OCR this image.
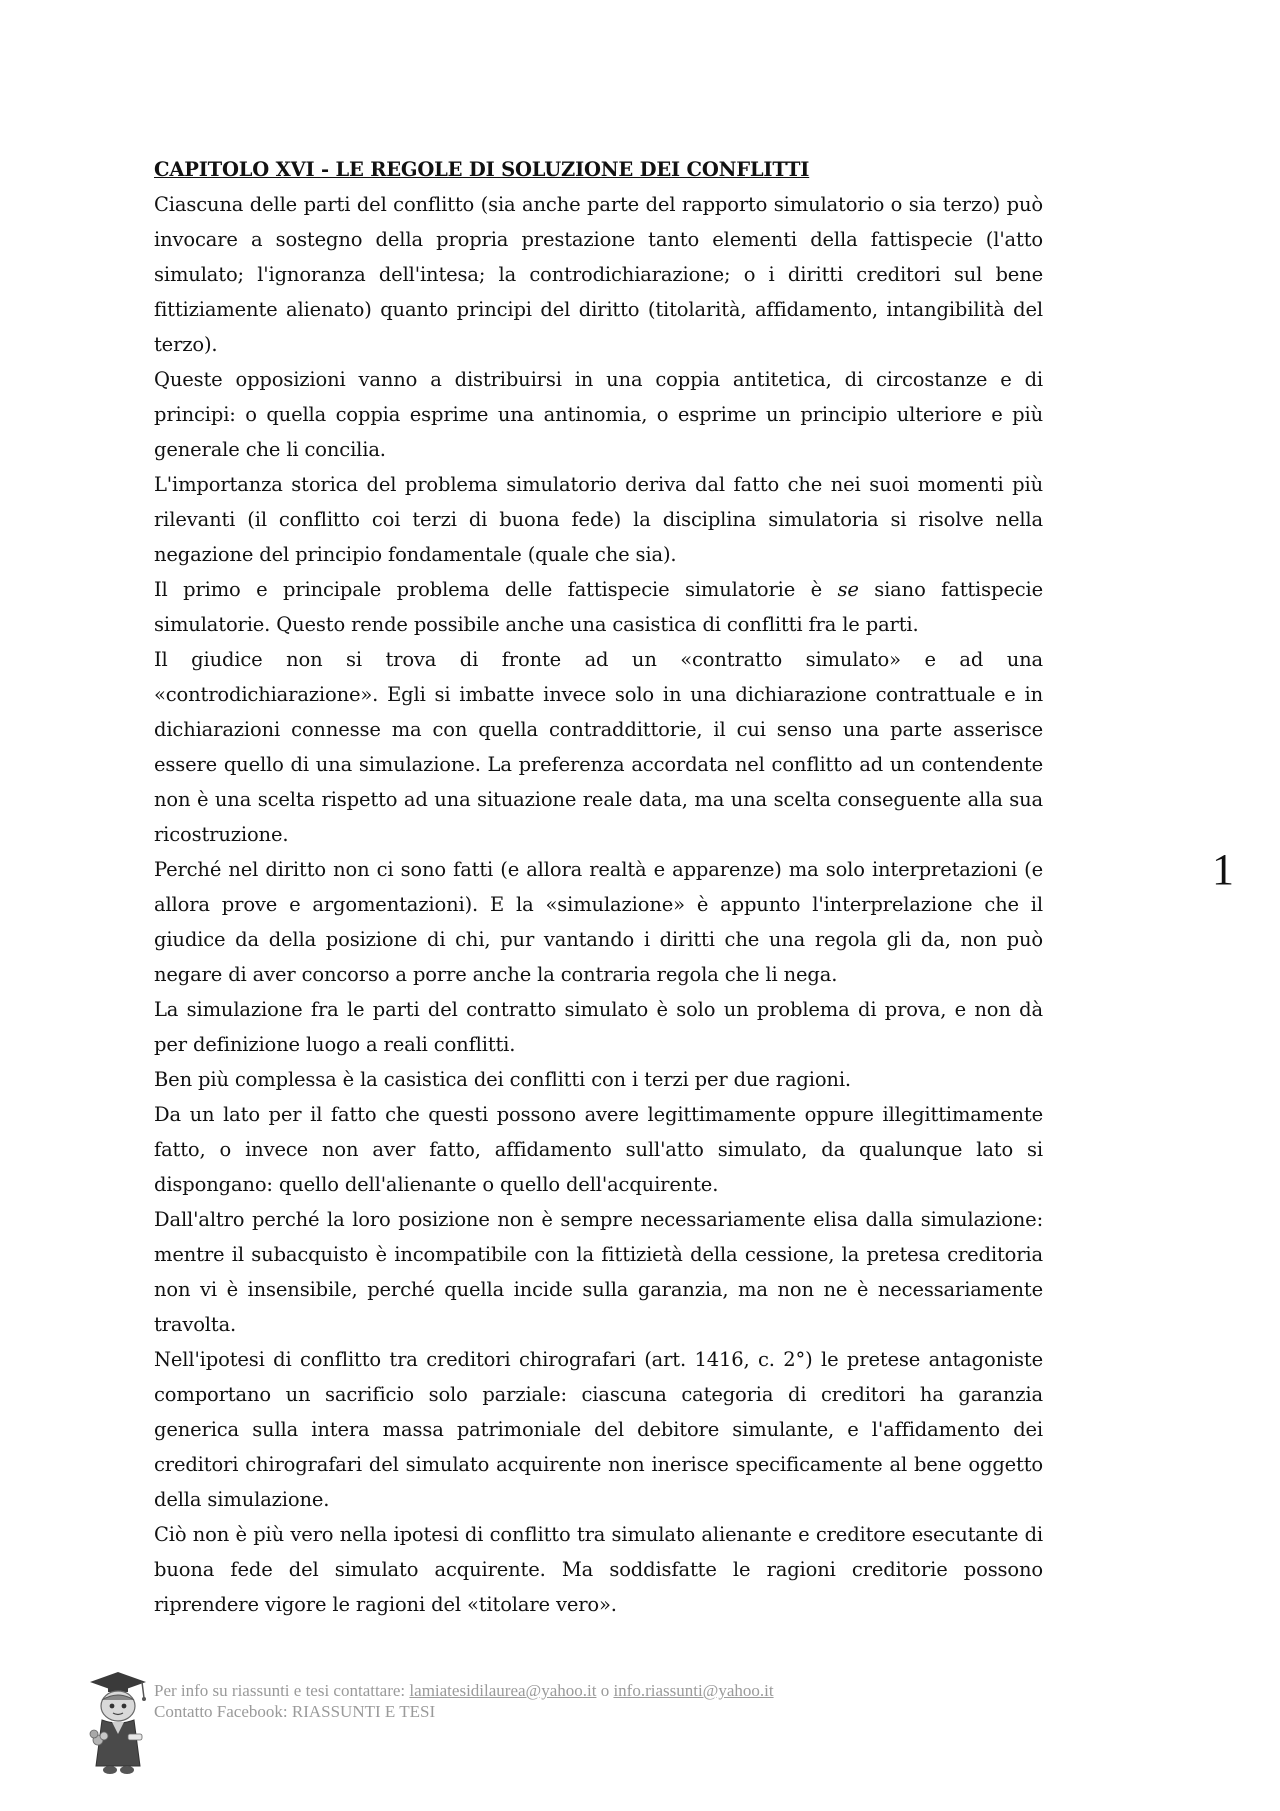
CAPITOLO XVI - LE REGOLE DI SOLUZIONE DEI CONFLITTI

Ciascuna delle parti del conflitto (sia anche parte del rapporto simulatorio o sia terzo) può invocare a sostegno della propria prestazione tanto elementi della fattispecie (l'atto simulato; l'ignoranza dell'intesa; la controdichiarazione; o i diritti creditori sul bene fittiziamente alienato) quanto principi del diritto (titolarità, affidamento, intangibilità del terzo).

Queste opposizioni vanno a distribuirsi in una coppia antitetica, di circostanze e di principi: o quella coppia esprime una antinomia, o esprime un principio ulteriore e più generale che li concilia.

L'importanza storica del problema simulatorio deriva dal fatto che nei suoi momenti più rilevanti (il conflitto coi terzi di buona fede) la disciplina simulatoria si risolve nella negazione del principio fondamentale (quale che sia).

Il primo e principale problema delle fattispecie simulatorie è se siano fattispecie simulatorie. Questo rende possibile anche una casistica di conflitti fra le parti.

Il giudice non si trova di fronte ad un «contratto simulato» e ad una «controdichiarazione». Egli si imbatte invece solo in una dichiarazione contrattuale e in dichiarazioni connesse ma con quella contraddittorie, il cui senso una parte asserisce essere quello di una simulazione. La preferenza accordata nel conflitto ad un contendente non è una scelta rispetto ad una situazione reale data, ma una scelta conseguente alla sua ricostruzione.

Perché nel diritto non ci sono fatti (e allora realtà e apparenze) ma solo interpretazioni (e allora prove e argomentazioni). E la «simulazione» è appunto l'interprelazione che il giudice da della posizione di chi, pur vantando i diritti che una regola gli da, non può negare di aver concorso a porre anche la contraria regola che li nega.

La simulazione fra le parti del contratto simulato è solo un problema di prova, e non dà per definizione luogo a reali conflitti.

Ben più complessa è la casistica dei conflitti con i terzi per due ragioni.

Da un lato per il fatto che questi possono avere legittimamente oppure illegittimamente fatto, o invece non aver fatto, affidamento sull'atto simulato, da qualunque lato si dispongano: quello dell'alienante o quello dell'acquirente.

Dall'altro perché la loro posizione non è sempre necessariamente elisa dalla simulazione: mentre il subacquisto è incompatibile con la fittizietà della cessione, la pretesa creditoria non vi è insensibile, perché quella incide sulla garanzia, ma non ne è necessariamente travolta.

Nell'ipotesi di conflitto tra creditori chirografari (art. 1416, c. 2°) le pretese antagoniste comportano un sacrificio solo parziale: ciascuna categoria di creditori ha garanzia generica sulla intera massa patrimoniale del debitore simulante, e l'affidamento dei creditori chirografari del simulato acquirente non inerisce specificamente al bene oggetto della simulazione.

Ciò non è più vero nella ipotesi di conflitto tra simulato alienante e creditore esecutante di buona fede del simulato acquirente. Ma soddisfatte le ragioni creditorie possono riprendere vigore le ragioni del «titolare vero».

1
Per info su riassunti e tesi contattare: lamiatesidilaurea@yahoo.it o info.riassunti@yahoo.it
Contatto Facebook: RIASSUNTI E TESI
